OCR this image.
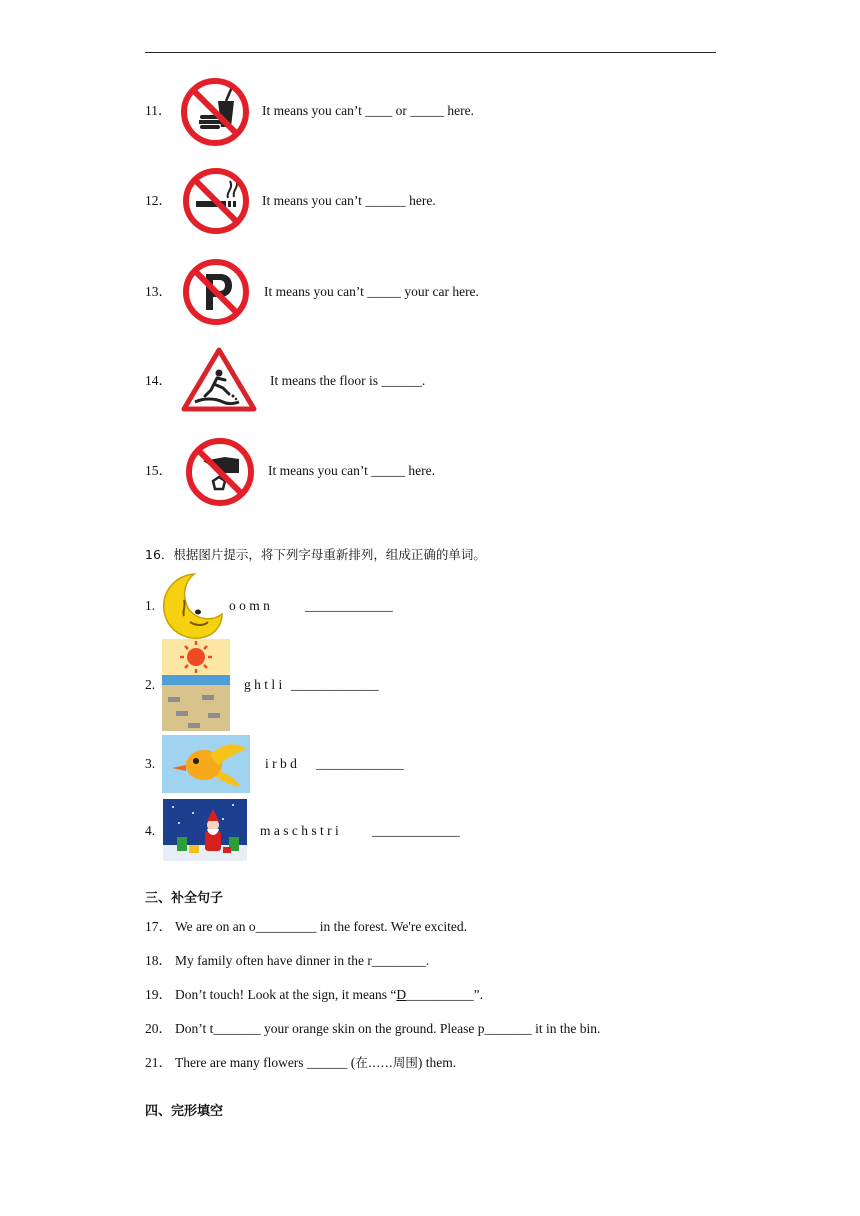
11．	It means you can’t ____ or _____ here.
12．	It means you can’t ______ here.
13．	It means you can’t _____ your car here.
14．	It means the floor is ______.
15．	It means you can’t _____ here.
16．根据图片提示，将下列字母重新排列，组成正确的单词。
1.	o o m n	_____________
2.	g h t l i _____________
3.	i r b d _____________
4.	m a s c h s t r i _____________
三、补全句子
17． We are on an o_________ in the forest. We're excited.
18． My family often have dinner in the r________.
19． Don’t touch! Look at the sign, it means “D__________”.
20． Don’t t_______ your orange skin on the ground. Please p_______ it in the bin.
21． There are many flowers ______ (在……周围) them.
四、完形填空
